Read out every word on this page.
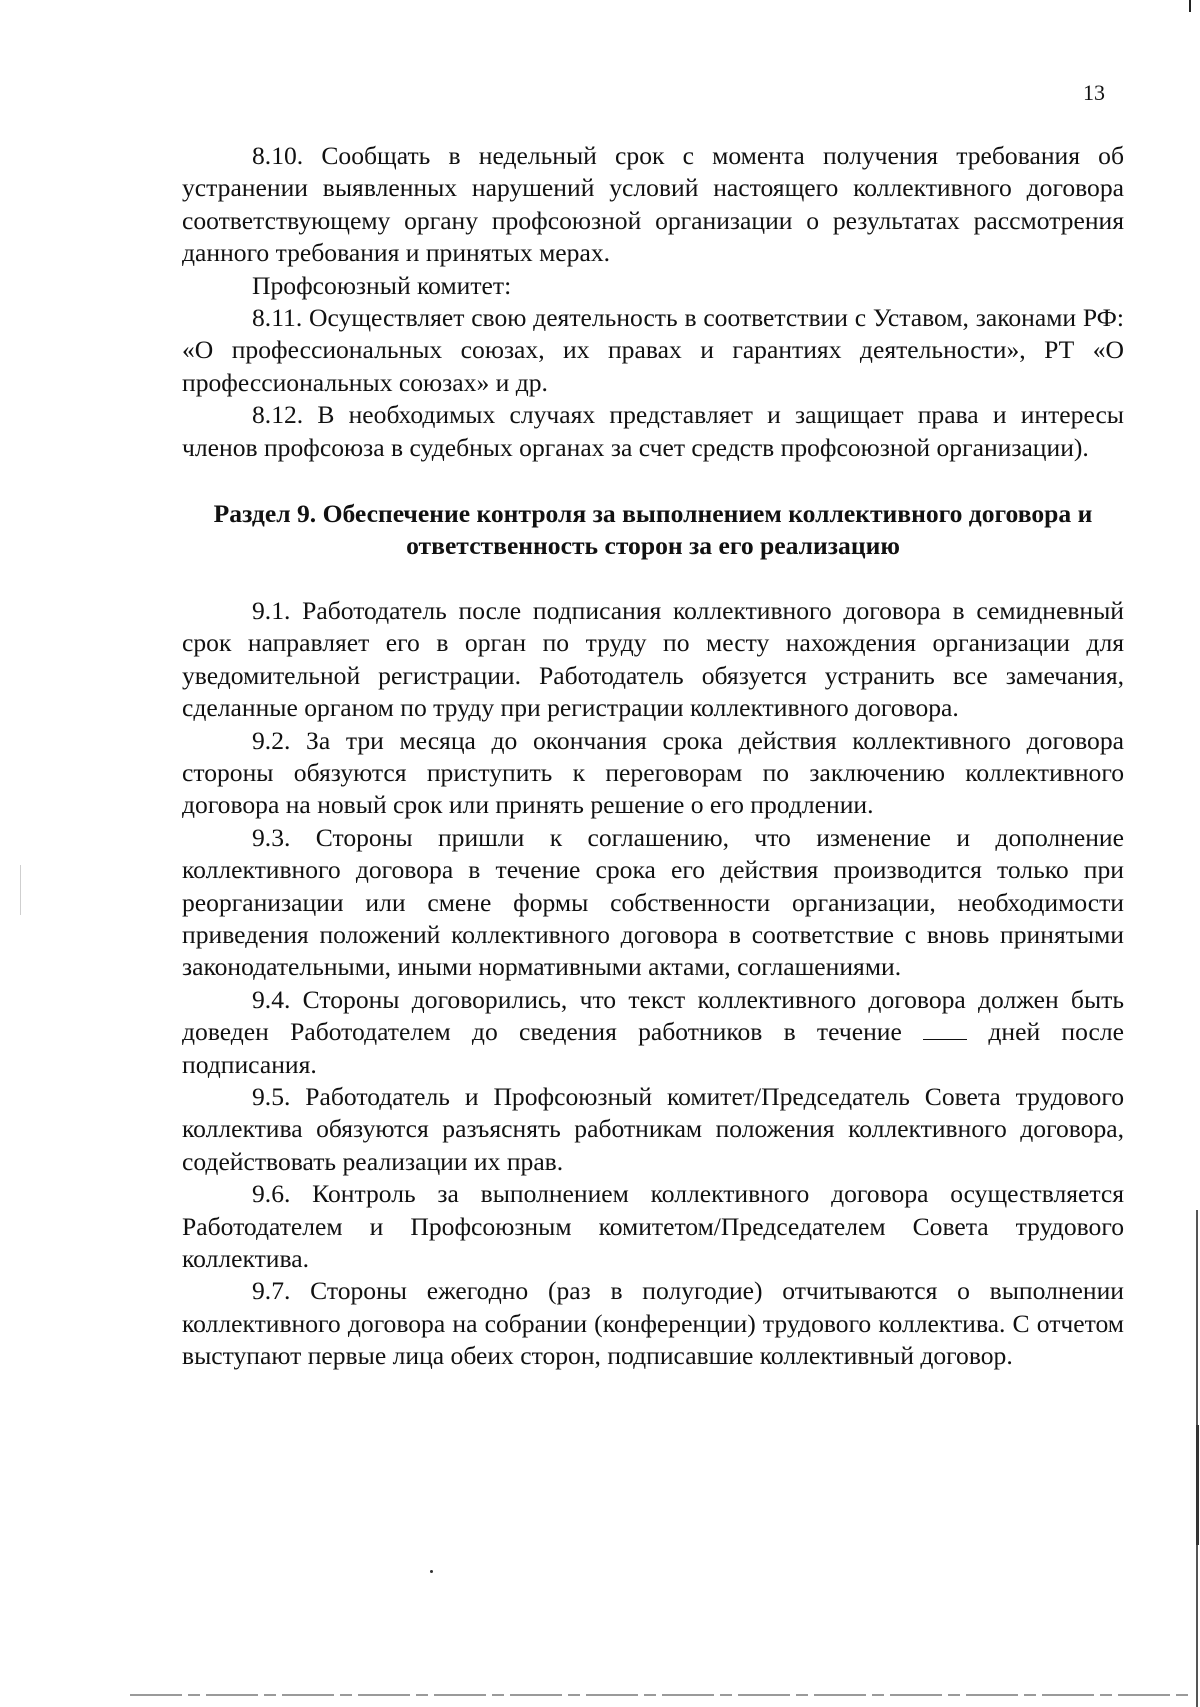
13

8.10. Сообщать в недельный срок с момента получения требования об устранении выявленных нарушений условий настоящего коллективного договора соответствующему органу профсоюзной организации о результатах рассмотрения данного требования и принятых мерах.

Профсоюзный комитет:

8.11. Осуществляет свою деятельность в соответствии с Уставом, законами РФ: «О профессиональных союзах, их правах и гарантиях деятельности», РТ «О профессиональных союзах» и др.

8.12. В необходимых случаях представляет и защищает права и интересы членов профсоюза в судебных органах за счет средств профсоюзной организации).

Раздел 9. Обеспечение контроля за выполнением коллективного договора и ответственность сторон за его реализацию

9.1. Работодатель после подписания коллективного договора в семидневный срок направляет его в орган по труду по месту нахождения организации для уведомительной регистрации. Работодатель обязуется устранить все замечания, сделанные органом по труду при регистрации коллективного договора.

9.2. За три месяца до окончания срока действия коллективного договора стороны обязуются приступить к переговорам по заключению коллективного договора на новый срок или принять решение о его продлении.

9.3. Стороны пришли к соглашению, что изменение и дополнение коллективного договора в течение срока его действия производится только при реорганизации или смене формы собственности организации, необходимости приведения положений коллективного договора в соответствие с вновь принятыми законодательными, иными нормативными актами, соглашениями.

9.4. Стороны договорились, что текст коллективного договора должен быть доведен Работодателем до сведения работников в течение	дней после подписания.

9.5. Работодатель и Профсоюзный комитет/Председатель Совета трудового коллектива обязуются разъяснять работникам положения коллективного договора, содействовать реализации их прав.

9.6. Контроль за выполнением коллективного договора осуществляется Работодателем и Профсоюзным комитетом/Председателем Совета трудового коллектива.

9.7. Стороны ежегодно (раз в полугодие) отчитываются о выполнении коллективного договора на собрании (конференции) трудового коллектива. С отчетом выступают первые лица обеих сторон, подписавшие коллективный договор.
